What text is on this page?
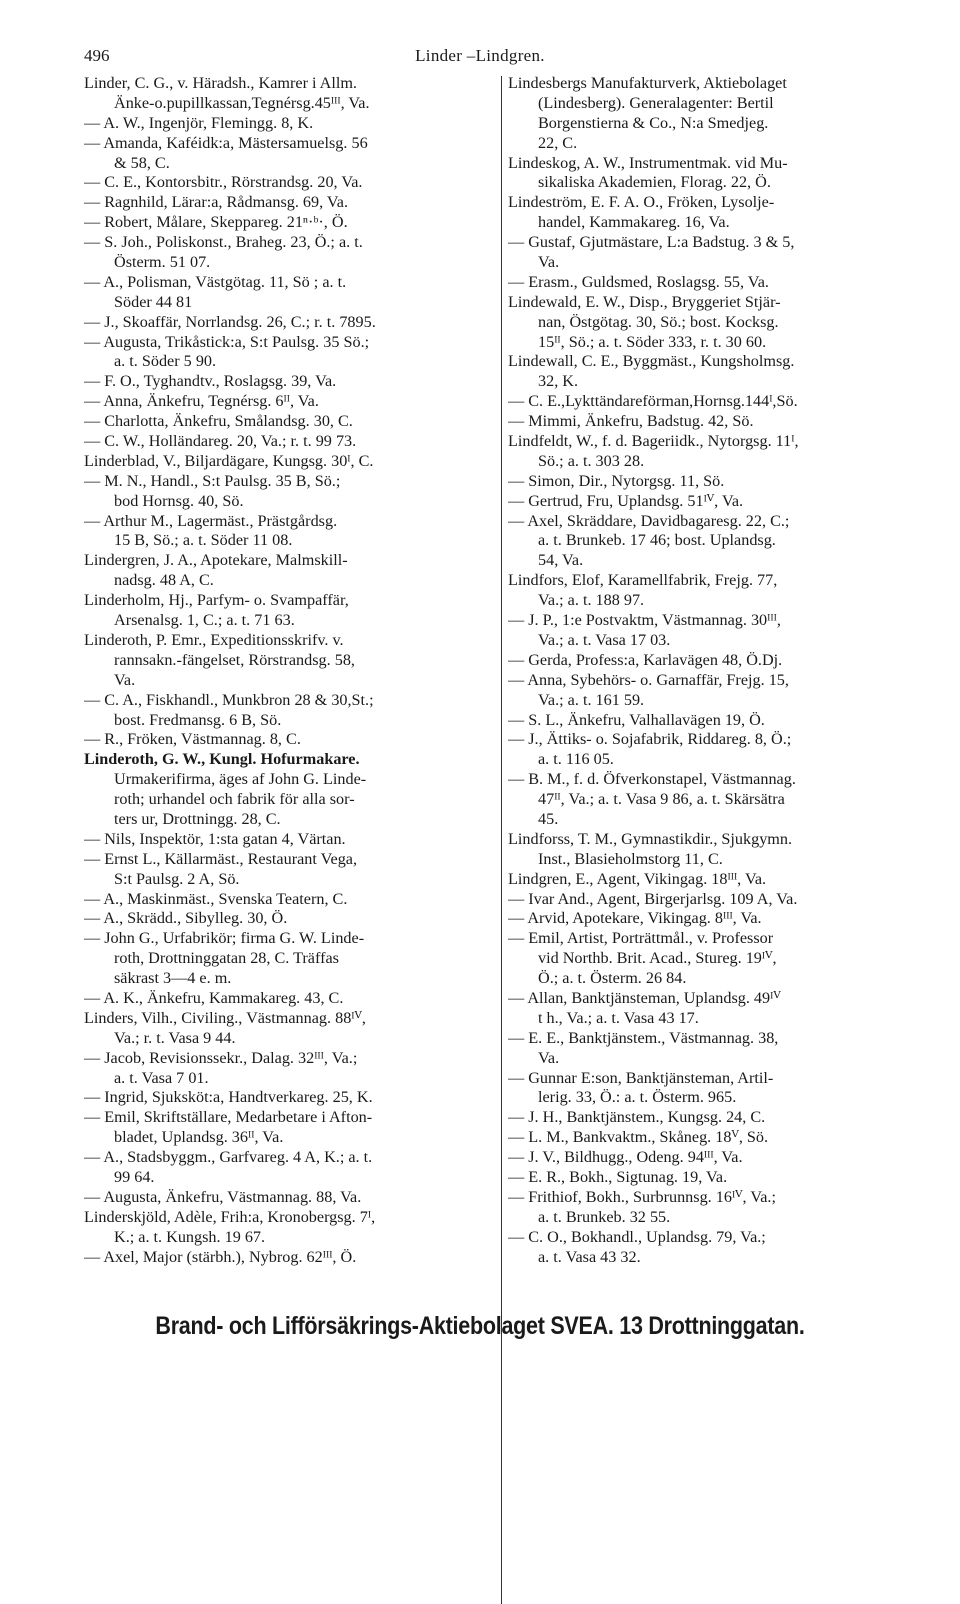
496	Linder –Lindgren.
Linder, C. G., v. Häradsh., Kamrer i Allm.
Änke-o.pupillkassan,Tegnérsg.45ᴵᴵᴵ, Va.
— A. W., Ingenjör, Flemingg. 8, K.
— Amanda, Kaféidk:a, Mästersamuelsg. 56
& 58, C.
— C. E., Kontorsbitr., Rörstrandsg. 20, Va.
— Ragnhild, Lärar:a, Rådmansg. 69, Va.
— Robert, Målare, Skeppareg. 21ⁿ·ᵇ·, Ö.
— S. Joh., Poliskonst., Braheg. 23, Ö.; a. t.
Österm. 51 07.
— A., Polisman, Västgötag. 11, Sö ; a. t.
Söder 44 81
— J., Skoaffär, Norrlandsg. 26, C.; r. t. 7895.
— Augusta, Trikåstick:a, S:t Paulsg. 35 Sö.;
a. t. Söder 5 90.
— F. O., Tyghandtv., Roslagsg. 39, Va.
— Anna, Änkefru, Tegnérsg. 6ᴵᴵ, Va.
— Charlotta, Änkefru, Smålandsg. 30, C.
— C. W., Holländareg. 20, Va.; r. t. 99 73.
Linderblad, V., Biljardägare, Kungsg. 30ᴵ, C.
— M. N., Handl., S:t Paulsg. 35 B, Sö.;
bod Hornsg. 40, Sö.
— Arthur M., Lagermäst., Prästgårdsg.
15 B, Sö.; a. t. Söder 11 08.
Lindergren, J. A., Apotekare, Malmskill-
nadsg. 48 A, C.
Linderholm, Hj., Parfym- o. Svampaffär,
Arsenalsg. 1, C.; a. t. 71 63.
Linderoth, P. Emr., Expeditionsskrifv. v.
rannsakn.-fängelset, Rörstrandsg. 58,
Va.
— C. A., Fiskhandl., Munkbron 28 & 30,St.;
bost. Fredmansg. 6 B, Sö.
— R., Fröken, Västmannag. 8, C.
Linderoth, G. W., Kungl. Hofurmakare.
Urmakerifirma, äges af John G. Linde-
roth; urhandel och fabrik för alla sor-
ters ur, Drottningg. 28, C.
— Nils, Inspektör, 1:sta gatan 4, Värtan.
— Ernst L., Källarmäst., Restaurant Vega,
S:t Paulsg. 2 A, Sö.
— A., Maskinmäst., Svenska Teatern, C.
— A., Skrädd., Sibylleg. 30, Ö.
— John G., Urfabrikör; firma G. W. Linde-
roth, Drottninggatan 28, C. Träffas
säkrast 3—4 e. m.
— A. K., Änkefru, Kammakareg. 43, C.
Linders, Vilh., Civiling., Västmannag. 88ᴵⱽ,
Va.; r. t. Vasa 9 44.
— Jacob, Revisionssekr., Dalag. 32ᴵᴵᴵ, Va.;
a. t. Vasa 7 01.
— Ingrid, Sjuksköt:a, Handtverkareg. 25, K.
— Emil, Skriftställare, Medarbetare i Afton-
bladet, Uplandsg. 36ᴵᴵ, Va.
— A., Stadsbyggm., Garfvareg. 4 A, K.; a. t.
99 64.
— Augusta, Änkefru, Västmannag. 88, Va.
Linderskjöld, Adèle, Frih:a, Kronobergsg. 7ᴵ,
K.; a. t. Kungsh. 19 67.
— Axel, Major (stärbh.), Nybrog. 62ᴵᴵᴵ, Ö.
Lindesbergs Manufakturverk, Aktiebolaget
(Lindesberg). Generalagenter: Bertil
Borgenstierna & Co., N:a Smedjeg.
22, C.
Lindeskog, A. W., Instrumentmak. vid Mu-
sikaliska Akademien, Florag. 22, Ö.
Lindeström, E. F. A. O., Fröken, Lysolje-
handel, Kammakareg. 16, Va.
— Gustaf, Gjutmästare, L:a Badstug. 3 & 5,
Va.
— Erasm., Guldsmed, Roslagsg. 55, Va.
Lindewald, E. W., Disp., Bryggeriet Stjär-
nan, Östgötag. 30, Sö.; bost. Kocksg.
15ᴵᴵ, Sö.; a. t. Söder 333, r. t. 30 60.
Lindewall, C. E., Byggmäst., Kungsholmsg.
32, K.
— C. E.,Lykttändareförman,Hornsg.144ᴵ,Sö.
— Mimmi, Änkefru, Badstug. 42, Sö.
Lindfeldt, W., f. d. Bageriidk., Nytorgsg. 11ᴵ,
Sö.; a. t. 303 28.
— Simon, Dir., Nytorgsg. 11, Sö.
— Gertrud, Fru, Uplandsg. 51ᴵⱽ, Va.
— Axel, Skräddare, Davidbagaresg. 22, C.;
a. t. Brunkeb. 17 46; bost. Uplandsg.
54, Va.
Lindfors, Elof, Karamellfabrik, Frejg. 77,
Va.; a. t. 188 97.
— J. P., 1:e Postvaktm, Västmannag. 30ᴵᴵᴵ,
Va.; a. t. Vasa 17 03.
— Gerda, Profess:a, Karlavägen 48, Ö.Dj.
— Anna, Sybehörs- o. Garnaffär, Frejg. 15,
Va.; a. t. 161 59.
— S. L., Änkefru, Valhallavägen 19, Ö.
— J., Ättiks- o. Sojafabrik, Riddareg. 8, Ö.;
a. t. 116 05.
— B. M., f. d. Öfverkonstapel, Västmannag.
47ᴵᴵ, Va.; a. t. Vasa 9 86, a. t. Skärsätra
45.
Lindforss, T. M., Gymnastikdir., Sjukgymn.
Inst., Blasieholmstorg 11, C.
Lindgren, E., Agent, Vikingag. 18ᴵᴵᴵ, Va.
— Ivar And., Agent, Birgerjarlsg. 109 A, Va.
— Arvid, Apotekare, Vikingag. 8ᴵᴵᴵ, Va.
— Emil, Artist, Porträttmål., v. Professor
vid Northb. Brit. Acad., Stureg. 19ᴵⱽ,
Ö.; a. t. Österm. 26 84.
— Allan, Banktjänsteman, Uplandsg. 49ᴵⱽ
t h., Va.; a. t. Vasa 43 17.
— E. E., Banktjänstem., Västmannag. 38,
Va.
— Gunnar E:son, Banktjänsteman, Artil-
lerig. 33, Ö.: a. t. Österm. 965.
— J. H., Banktjänstem., Kungsg. 24, C.
— L. M., Bankvaktm., Skåneg. 18ⱽ, Sö.
— J. V., Bildhugg., Odeng. 94ᴵᴵᴵ, Va.
— E. R., Bokh., Sigtunag. 19, Va.
— Frithiof, Bokh., Surbrunnsg. 16ᴵⱽ, Va.;
a. t. Brunkeb. 32 55.
— C. O., Bokhandl., Uplandsg. 79, Va.;
a. t. Vasa 43 32.
Brand- och Lifförsäkrings-Aktiebolaget SVEA. 13 Drottninggatan.
